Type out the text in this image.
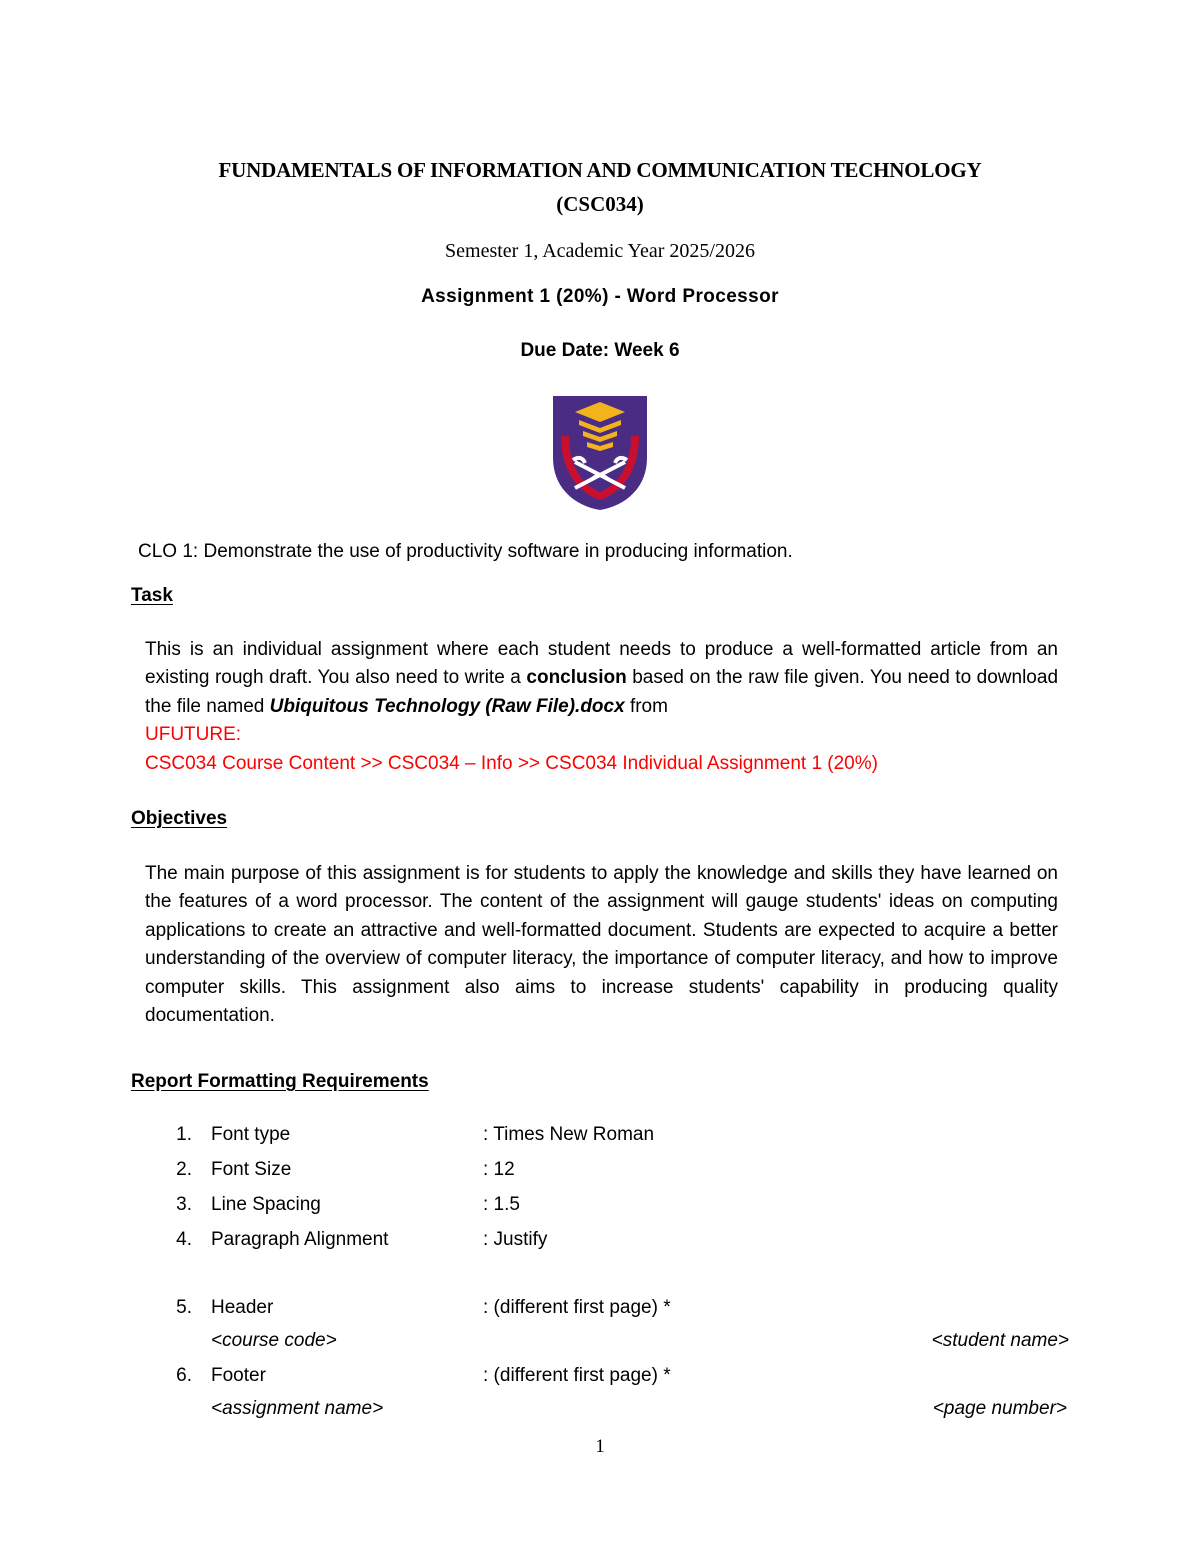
FUNDAMENTALS OF INFORMATION AND COMMUNICATION TECHNOLOGY
(CSC034)
Semester 1, Academic Year 2025/2026
Assignment 1 (20%) - Word Processor
Due Date: Week 6
CLO 1: Demonstrate the use of productivity software in producing information.
Task
This is an individual assignment where each student needs to produce a well-formatted article from an existing rough draft. You also need to write a conclusion based on the raw file given. You need to download the file named Ubiquitous Technology (Raw File).docx from
UFUTURE:
CSC034 Course Content >> CSC034 – Info >> CSC034 Individual Assignment 1 (20%)
Objectives
The main purpose of this assignment is for students to apply the knowledge and skills they have learned on the features of a word processor. The content of the assignment will gauge students' ideas on computing applications to create an attractive and well-formatted document. Students are expected to acquire a better understanding of the overview of computer literacy, the importance of computer literacy, and how to improve computer skills. This assignment also aims to increase students' capability in producing quality documentation.
Report Formatting Requirements
1. Font type	: Times New Roman
2. Font Size	: 12
3. Line Spacing	: 1.5
4. Paragraph Alignment	: Justify
5. Header	: (different first page) *
<course code>	<student name>
6. Footer	: (different first page) *
<assignment name>	<page number>
1
